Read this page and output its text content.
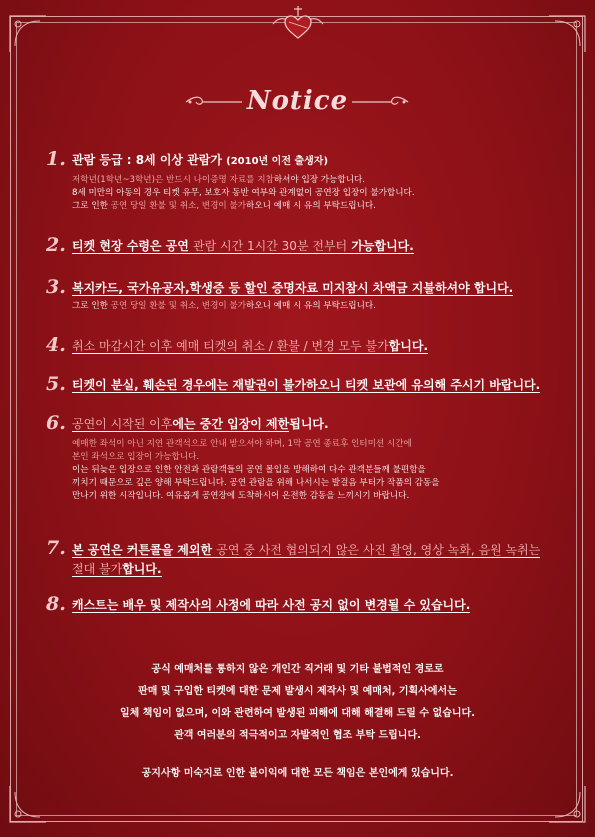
Notice
1. 관람 등급 : 8세 이상 관람가 (2010년 이전 출생자)
저학년(1학년~3학년)은 반드시 나이증명 자료를 지참하셔야 입장 가능합니다.
8세 미만의 아동의 경우 티켓 유무, 보호자 동반 여부와 관계없이 공연장 입장이 불가합니다.
그로 인한 공연 당일 환불 및 취소, 변경이 불가하오니 예매 시 유의 부탁드립니다.
2. 티켓 현장 수령은 공연 관람 시간 1시간 30분 전부터 가능합니다.
3. 복지카드, 국가유공자,학생증 등 할인 증명자료 미지참시 차액금 지불하셔야 합니다.
그로 인한 공연 당일 환불 및 취소, 변경이 불가하오니 예매 시 유의 부탁드립니다.
4. 취소 마감시간 이후 예매 티켓의 취소 / 환불 / 변경 모두 불가합니다.
5. 티켓이 분실, 훼손된 경우에는 재발권이 불가하오니 티켓 보관에 유의해 주시기 바랍니다.
6. 공연이 시작된 이후에는 중간 입장이 제한됩니다.
예매한 좌석이 아닌 지연 관객석으로 안내 받으셔야 하며, 1막 공연 종료후 인터미션 시간에
본인 좌석으로 입장이 가능합니다.
이는 뒤늦은 입장으로 인한 안전과 관람객들의 공연 몰입을 방해하여 다수 관객분들께 불편함을
끼치기 때문으로 깊은 양해 부탁드립니다. 공연 관람을 위해 나서시는 발걸음 부터가 작품의 감동을
만나기 위한 시작입니다. 여유롭게 공연장에 도착하시어 온전한 감동을 느끼시기 바랍니다.
7. 본 공연은 커튼콜을 제외한 공연 중 사전 협의되지 않은 사진 촬영, 영상 녹화, 음원 녹취는
절대 불가합니다.
8. 캐스트는 배우 및 제작사의 사정에 따라 사전 공지 없이 변경될 수 있습니다.
공식 예매처를 통하지 않은 개인간 직거래 및 기타 불법적인 경로로
판매 및 구입한 티켓에 대한 문제 발생시 제작사 및 예매처, 기획사에서는
일체 책임이 없으며, 이와 관련하여 발생된 피해에 대해 해결해 드릴 수 없습니다.
관객 여러분의 적극적이고 자발적인 협조 부탁 드립니다.
공지사항 미숙지로 인한 불이익에 대한 모든 책임은 본인에게 있습니다.
